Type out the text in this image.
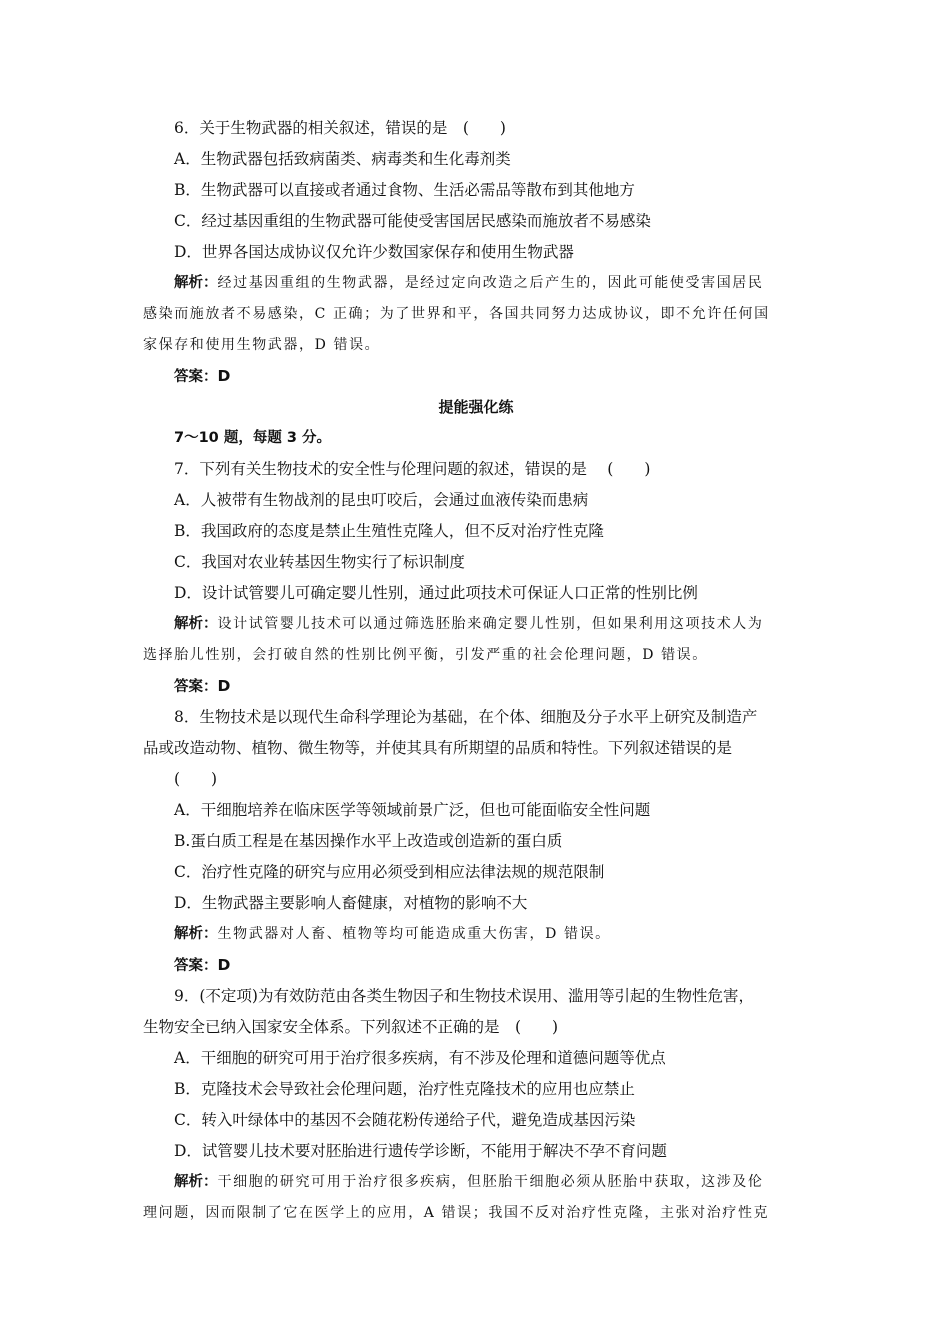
6．关于生物武器的相关叙述，错误的是　(　　)
A．生物武器包括致病菌类、病毒类和生化毒剂类
B．生物武器可以直接或者通过食物、生活必需品等散布到其他地方
C．经过基因重组的生物武器可能使受害国居民感染而施放者不易感染
D．世界各国达成协议仅允许少数国家保存和使用生物武器
解析：经过基因重组的生物武器，是经过定向改造之后产生的，因此可能使受害国居民
感染而施放者不易感染，C 正确；为了世界和平，各国共同努力达成协议，即不允许任何国
家保存和使用生物武器，D 错误。
答案：D
提能强化练
7～10 题，每题 3 分。
7．下列有关生物技术的安全性与伦理问题的叙述，错误的是　 (　　)
A．人被带有生物战剂的昆虫叮咬后，会通过血液传染而患病
B．我国政府的态度是禁止生殖性克隆人，但不反对治疗性克隆
C．我国对农业转基因生物实行了标识制度
D．设计试管婴儿可确定婴儿性别，通过此项技术可保证人口正常的性别比例
解析：设计试管婴儿技术可以通过筛选胚胎来确定婴儿性别，但如果利用这项技术人为
选择胎儿性别，会打破自然的性别比例平衡，引发严重的社会伦理问题，D 错误。
答案：D
8．生物技术是以现代生命科学理论为基础，在个体、细胞及分子水平上研究及制造产
品或改造动物、植物、微生物等，并使其具有所期望的品质和特性。下列叙述错误的是
(　　)
A．干细胞培养在临床医学等领域前景广泛，但也可能面临安全性问题
B.蛋白质工程是在基因操作水平上改造或创造新的蛋白质
C．治疗性克隆的研究与应用必须受到相应法律法规的规范限制
D．生物武器主要影响人畜健康，对植物的影响不大
解析：生物武器对人畜、植物等均可能造成重大伤害，D 错误。
答案：D
9．(不定项)为有效防范由各类生物因子和生物技术误用、滥用等引起的生物性危害，
生物安全已纳入国家安全体系。下列叙述不正确的是　(　　)
A．干细胞的研究可用于治疗很多疾病，有不涉及伦理和道德问题等优点
B．克隆技术会导致社会伦理问题，治疗性克隆技术的应用也应禁止
C．转入叶绿体中的基因不会随花粉传递给子代，避免造成基因污染
D．试管婴儿技术要对胚胎进行遗传学诊断，不能用于解决不孕不育问题
解析：干细胞的研究可用于治疗很多疾病，但胚胎干细胞必须从胚胎中获取，这涉及伦
理问题，因而限制了它在医学上的应用，A 错误；我国不反对治疗性克隆，主张对治疗性克
